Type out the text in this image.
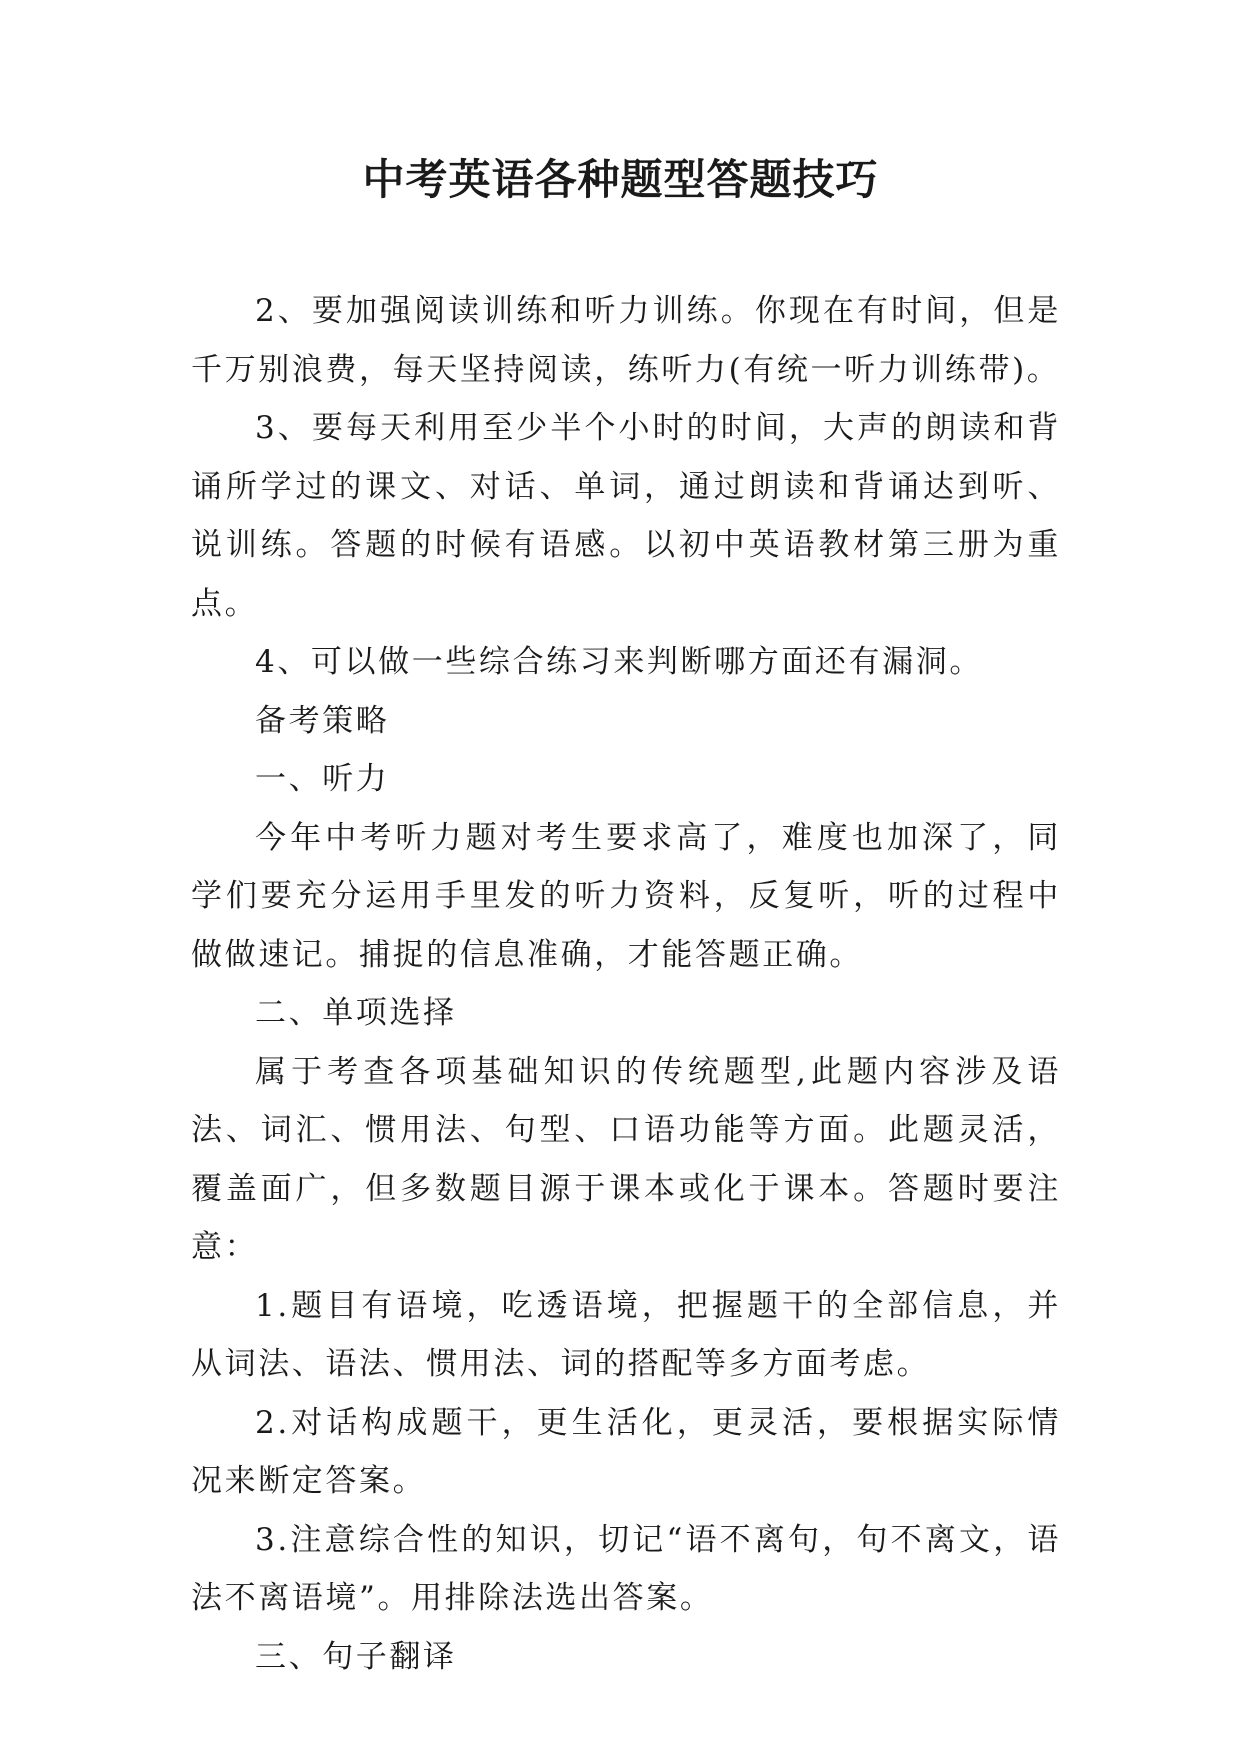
中考英语各种题型答题技巧

2、要加强阅读训练和听力训练。你现在有时间，但是千万别浪费，每天坚持阅读，练听力(有统一听力训练带)。

3、要每天利用至少半个小时的时间，大声的朗读和背诵所学过的课文、对话、单词，通过朗读和背诵达到听、说训练。答题的时候有语感。以初中英语教材第三册为重点。

4、可以做一些综合练习来判断哪方面还有漏洞。

备考策略

一、听力

今年中考听力题对考生要求高了，难度也加深了，同学们要充分运用手里发的听力资料，反复听，听的过程中做做速记。捕捉的信息准确，才能答题正确。

二、单项选择

属于考查各项基础知识的传统题型,此题内容涉及语法、词汇、惯用法、句型、口语功能等方面。此题灵活，覆盖面广，但多数题目源于课本或化于课本。答题时要注意：

1.题目有语境，吃透语境，把握题干的全部信息，并从词法、语法、惯用法、词的搭配等多方面考虑。

2.对话构成题干，更生活化，更灵活，要根据实际情况来断定答案。

3.注意综合性的知识，切记“语不离句，句不离文，语法不离语境”。用排除法选出答案。

三、句子翻译
